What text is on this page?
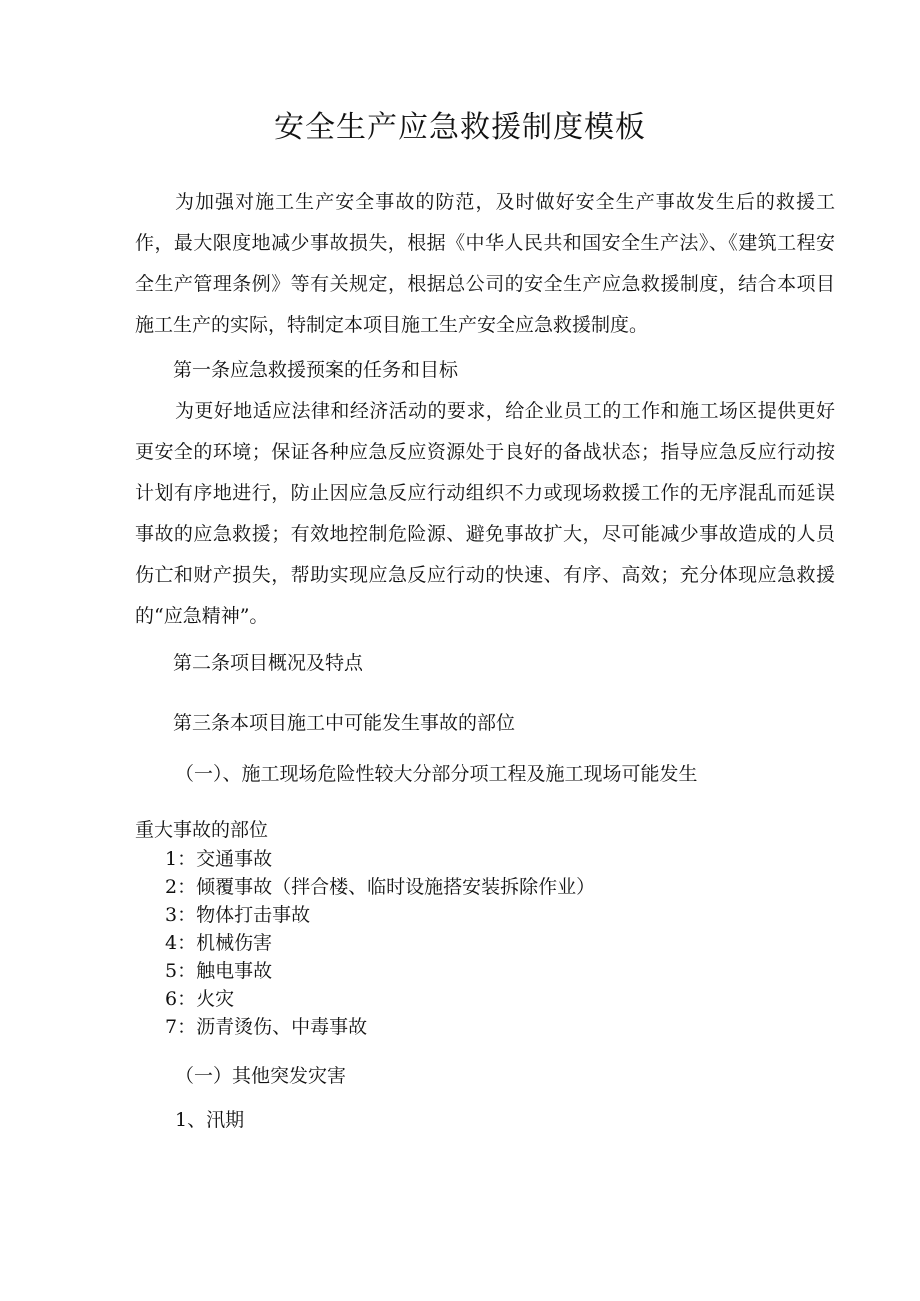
安全生产应急救援制度模板

为加强对施工生产安全事故的防范，及时做好安全生产事故发生后的救援工作，最大限度地减少事故损失，根据《中华人民共和国安全生产法》、《建筑工程安全生产管理条例》等有关规定，根据总公司的安全生产应急救援制度，结合本项目施工生产的实际，特制定本项目施工生产安全应急救援制度。

第一条应急救援预案的任务和目标

为更好地适应法律和经济活动的要求，给企业员工的工作和施工场区提供更好更安全的环境；保证各种应急反应资源处于良好的备战状态；指导应急反应行动按计划有序地进行，防止因应急反应行动组织不力或现场救援工作的无序混乱而延误事故的应急救援；有效地控制危险源、避免事故扩大，尽可能减少事故造成的人员伤亡和财产损失，帮助实现应急反应行动的快速、有序、高效；充分体现应急救援的“应急精神”。

第二条项目概况及特点

第三条本项目施工中可能发生事故的部位

（一）、施工现场危险性较大分部分项工程及施工现场可能发生

重大事故的部位

1：交通事故
2：倾覆事故（拌合楼、临时设施搭安装拆除作业）
3：物体打击事故
4：机械伤害
5：触电事故
6：火灾
7：沥青烫伤、中毒事故

（一）其他突发灾害

1、汛期
